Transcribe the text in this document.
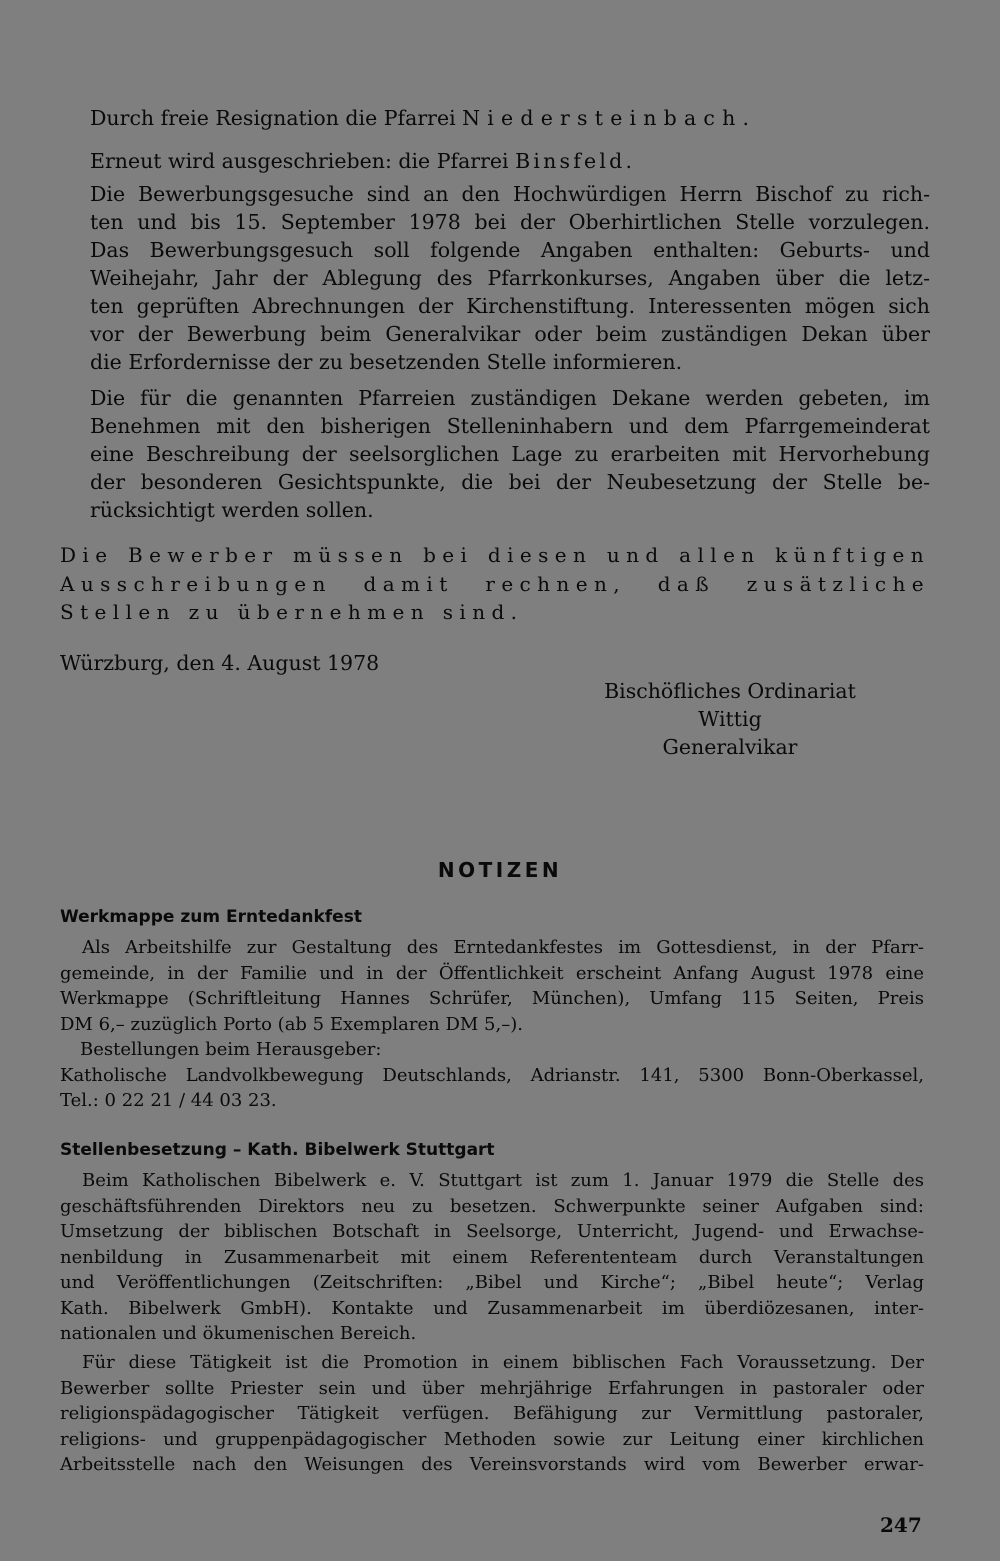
Durch freie Resignation die Pfarrei Niedersteinbach.
Erneut wird ausgeschrieben: die Pfarrei Binsfeld.
Die Bewerbungsgesuche sind an den Hochwürdigen Herrn Bischof zu rich-
ten und bis 15. September 1978 bei der Oberhirtlichen Stelle vorzulegen.
Das Bewerbungsgesuch soll folgende Angaben enthalten: Geburts- und
Weihejahr, Jahr der Ablegung des Pfarrkonkurses, Angaben über die letz-
ten geprüften Abrechnungen der Kirchenstiftung. Interessenten mögen sich
vor der Bewerbung beim Generalvikar oder beim zuständigen Dekan über
die Erfordernisse der zu besetzenden Stelle informieren.
Die für die genannten Pfarreien zuständigen Dekane werden gebeten, im
Benehmen mit den bisherigen Stelleninhabern und dem Pfarrgemeinderat
eine Beschreibung der seelsorglichen Lage zu erarbeiten mit Hervorhebung
der besonderen Gesichtspunkte, die bei der Neubesetzung der Stelle be-
rücksichtigt werden sollen.
Die Bewerber müssen bei diesen und allen künftigen
Ausschreibungen damit rechnen, daß zusätzliche
Stellen zu übernehmen sind.
Würzburg, den 4. August 1978
Bischöfliches Ordinariat
Wittig
Generalvikar
NOTIZEN
Werkmappe zum Erntedankfest
Als Arbeitshilfe zur Gestaltung des Erntedankfestes im Gottesdienst, in der Pfarr-
gemeinde, in der Familie und in der Öffentlichkeit erscheint Anfang August 1978 eine
Werkmappe (Schriftleitung Hannes Schrüfer, München), Umfang 115 Seiten, Preis
DM 6,– zuzüglich Porto (ab 5 Exemplaren DM 5,–).
Bestellungen beim Herausgeber:
Katholische Landvolkbewegung Deutschlands, Adrianstr. 141, 5300 Bonn-Oberkassel,
Tel.: 0 22 21 / 44 03 23.
Stellenbesetzung – Kath. Bibelwerk Stuttgart
Beim Katholischen Bibelwerk e. V. Stuttgart ist zum 1. Januar 1979 die Stelle des
geschäftsführenden Direktors neu zu besetzen. Schwerpunkte seiner Aufgaben sind:
Umsetzung der biblischen Botschaft in Seelsorge, Unterricht, Jugend- und Erwachse-
nenbildung in Zusammenarbeit mit einem Referententeam durch Veranstaltungen
und Veröffentlichungen (Zeitschriften: „Bibel und Kirche“; „Bibel heute“; Verlag
Kath. Bibelwerk GmbH). Kontakte und Zusammenarbeit im überdiözesanen, inter-
nationalen und ökumenischen Bereich.
Für diese Tätigkeit ist die Promotion in einem biblischen Fach Voraussetzung. Der
Bewerber sollte Priester sein und über mehrjährige Erfahrungen in pastoraler oder
religionspädagogischer Tätigkeit verfügen. Befähigung zur Vermittlung pastoraler,
religions- und gruppenpädagogischer Methoden sowie zur Leitung einer kirchlichen
Arbeitsstelle nach den Weisungen des Vereinsvorstands wird vom Bewerber erwar-
247
